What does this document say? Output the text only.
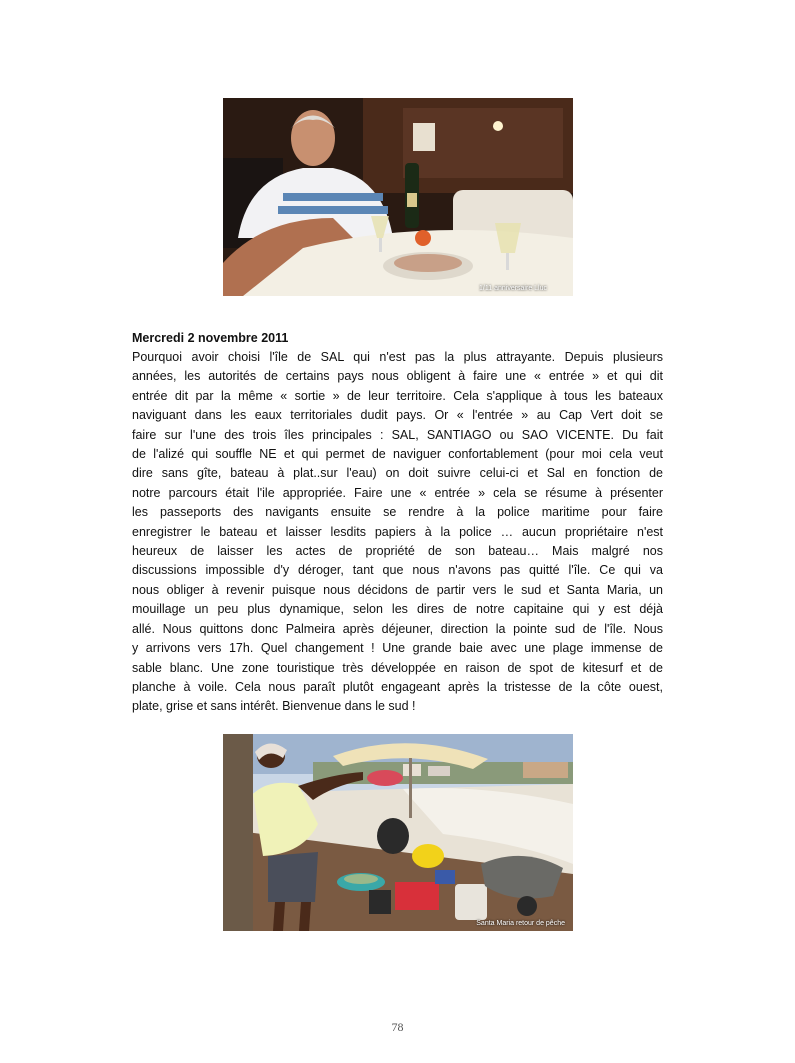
1/11 anniversaire Lluc
Mercredi 2 novembre 2011
Pourquoi avoir choisi l'île de SAL qui n'est pas la plus attrayante. Depuis plusieurs
années, les autorités de certains pays nous obligent à faire une « entrée » et qui dit
entrée dit par la même « sortie » de leur territoire. Cela s'applique à tous les bateaux
naviguant dans les eaux territoriales dudit pays. Or « l'entrée » au Cap Vert doit se
faire sur l'une des trois îles principales : SAL, SANTIAGO ou SAO VICENTE. Du fait
de l'alizé qui souffle NE et qui permet de naviguer confortablement (pour moi cela veut
dire sans gîte, bateau à plat..sur l'eau) on doit suivre celui-ci et Sal en fonction de
notre parcours était l'ile appropriée. Faire une « entrée » cela se résume à présenter
les passeports des navigants ensuite se rendre à la police maritime pour faire
enregistrer le bateau et laisser lesdits papiers à la police … aucun propriétaire n'est
heureux de laisser les actes de propriété de son bateau… Mais malgré nos
discussions impossible d'y déroger, tant que nous n'avons pas quitté l'île. Ce qui va
nous obliger à revenir puisque nous décidons de partir vers le sud et Santa Maria, un
mouillage un peu plus dynamique, selon les dires de notre capitaine qui y est déjà
allé. Nous quittons donc Palmeira après déjeuner, direction la pointe sud de l'île. Nous
y arrivons vers 17h. Quel changement ! Une grande baie avec une plage immense de
sable blanc. Une zone touristique très développée en raison de spot de kitesurf et de
planche à voile. Cela nous paraît plutôt engageant après la tristesse de la côte ouest,
plate, grise et sans intérêt. Bienvenue dans le sud !
Santa Maria retour de pêche
78
